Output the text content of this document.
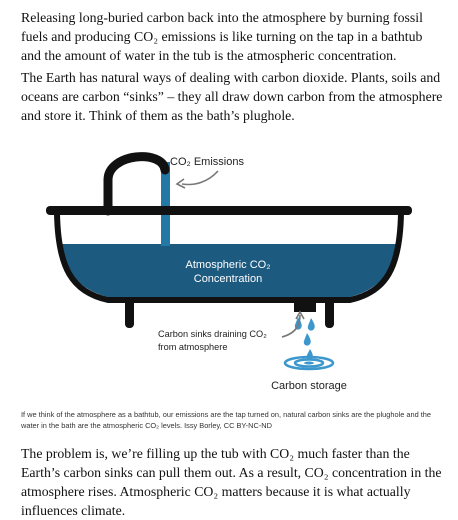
Releasing long-buried carbon back into the atmosphere by burning fossil fuels and producing CO₂ emissions is like turning on the tap in a bathtub and the amount of water in the tub is the atmospheric concentration.

The Earth has natural ways of dealing with carbon dioxide. Plants, soils and oceans are carbon “sinks” – they all draw down carbon from the atmosphere and store it. Think of them as the bath’s plughole.

CO₂ Emissions
Atmospheric CO₂
Concentration
Carbon sinks draining CO₂
from atmosphere
Carbon storage

If we think of the atmosphere as a bathtub, our emissions are the tap turned on, natural carbon sinks are the plughole and the water in the bath are the atmospheric CO₂ levels. Issy Borley, CC BY-NC-ND

The problem is, we’re filling up the tub with CO₂ much faster than the Earth’s carbon sinks can pull them out. As a result, CO₂ concentration in the atmosphere rises. Atmospheric CO₂ matters because it is what actually influences climate.
